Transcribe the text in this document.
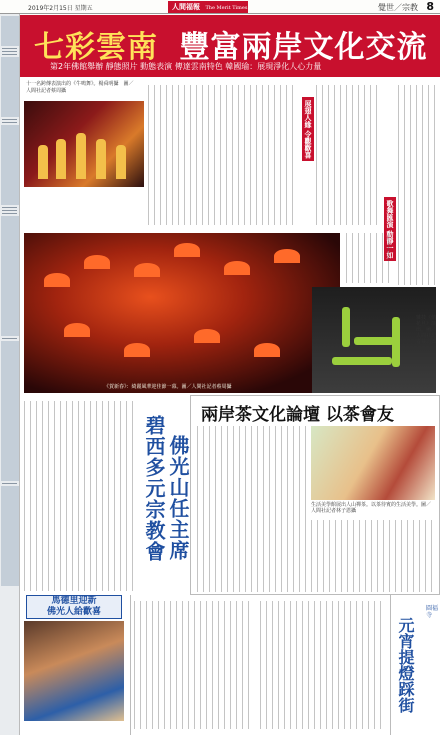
2019年2月15日 星期五	人間福報 The Merit Times	覺世／宗教 8
七彩雲南 豐富兩岸文化交流
第2年佛館舉辦 靜態照片 動態表演 傳達雲南特色 韓國瑜：展現淨化人心力量
十一名跨傳表演出的《牛鳴舞》。楊舜明攝　圖／人間社記者蔡周攝
展翅人緣 令觀歡喜
歌舞匯演 動靜一如
《賀新春》：綺麗風華迎佳節一幕。圖／人間社記者蔡周攝
雜技《俏花旦》演出。圖／人間社記者蔡周攝
碧西多元宗教會 佛光山任主席
兩岸茶文化論壇 以茶會友
生活美學館展出人山禪茶。以茶待賓的生活美學。圖／人間社記者林子恩攝
馬德里迎新
佛光人給歡喜	圓福寺
元宵提燈踩街
